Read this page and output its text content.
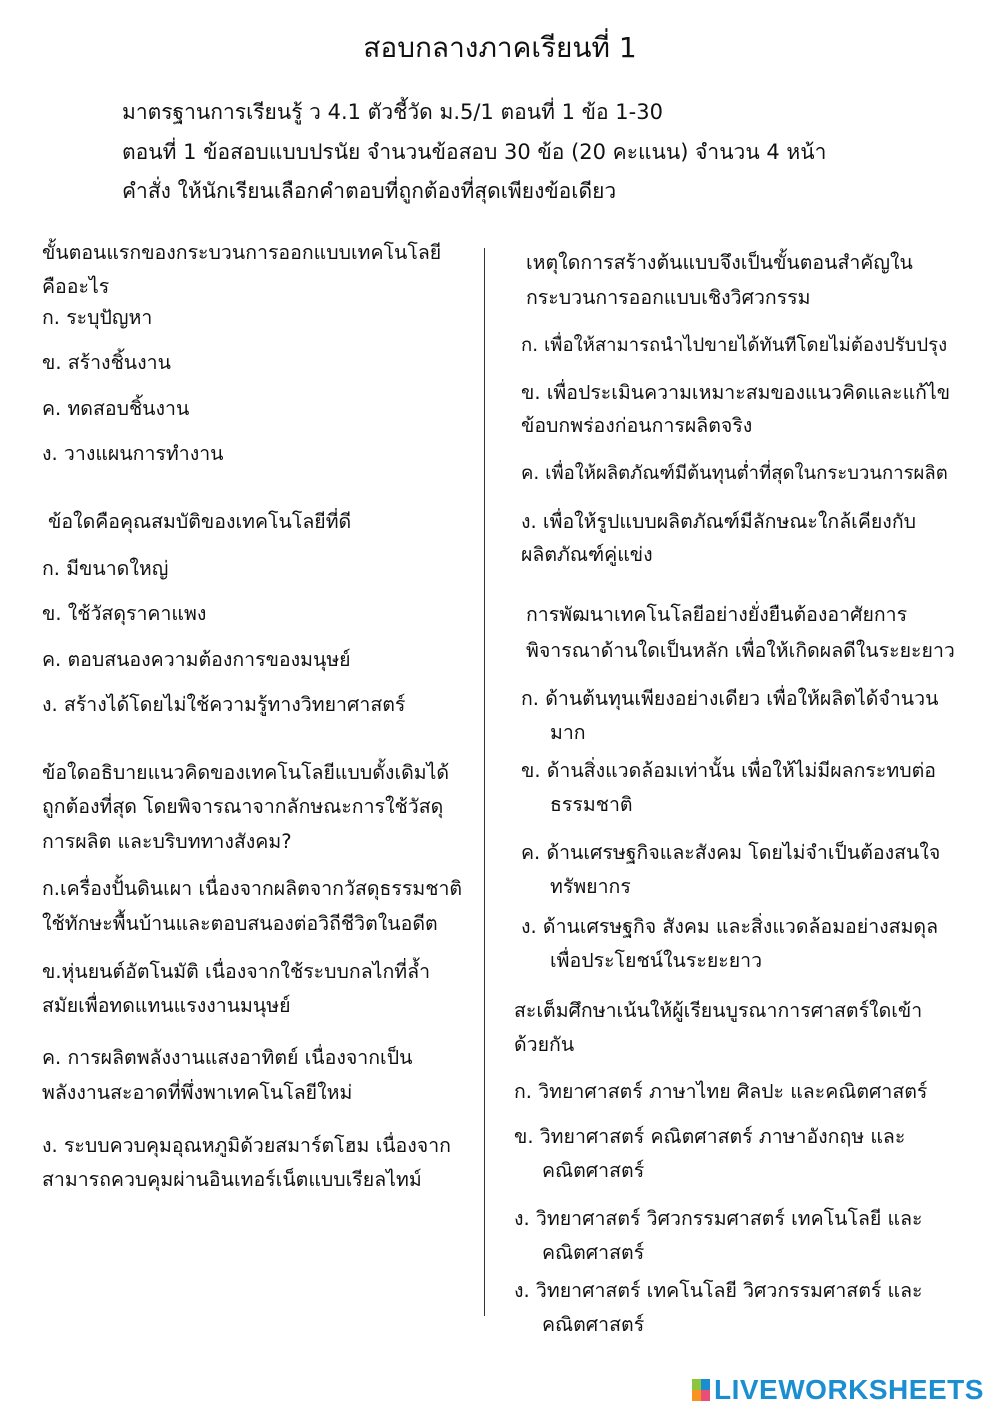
สอบกลางภาคเรียนที่ 1
มาตรฐานการเรียนรู้ ว 4.1 ตัวชี้วัด ม.5/1 ตอนที่ 1 ข้อ 1-30
ตอนที่ 1 ข้อสอบแบบปรนัย จำนวนข้อสอบ 30 ข้อ (20 คะแนน) จำนวน 4 หน้า
คำสั่ง ให้นักเรียนเลือกคำตอบที่ถูกต้องที่สุดเพียงข้อเดียว
ขั้นตอนแรกของกระบวนการออกแบบเทคโนโลยี
คืออะไร
ก. ระบุปัญหา
ข. สร้างชิ้นงาน
ค. ทดสอบชิ้นงาน
ง. วางแผนการทำงาน
ข้อใดคือคุณสมบัติของเทคโนโลยีที่ดี
ก. มีขนาดใหญ่
ข. ใช้วัสดุราคาแพง
ค. ตอบสนองความต้องการของมนุษย์
ง. สร้างได้โดยไม่ใช้ความรู้ทางวิทยาศาสตร์
ข้อใดอธิบายแนวคิดของเทคโนโลยีแบบดั้งเดิมได้
ถูกต้องที่สุด โดยพิจารณาจากลักษณะการใช้วัสดุ
การผลิต และบริบททางสังคม?
ก.เครื่องปั้นดินเผา เนื่องจากผลิตจากวัสดุธรรมชาติ
ใช้ทักษะพื้นบ้านและตอบสนองต่อวิถีชีวิตในอดีต
ข.หุ่นยนต์อัตโนมัติ เนื่องจากใช้ระบบกลไกที่ล้ำ
สมัยเพื่อทดแทนแรงงานมนุษย์
ค. การผลิตพลังงานแสงอาทิตย์ เนื่องจากเป็น
พลังงานสะอาดที่พึ่งพาเทคโนโลยีใหม่
ง. ระบบควบคุมอุณหภูมิด้วยสมาร์ตโฮม เนื่องจาก
สามารถควบคุมผ่านอินเทอร์เน็ตแบบเรียลไทม์
เหตุใดการสร้างต้นแบบจึงเป็นขั้นตอนสำคัญใน
กระบวนการออกแบบเชิงวิศวกรรม
ก. เพื่อให้สามารถนำไปขายได้ทันทีโดยไม่ต้องปรับปรุง
ข. เพื่อประเมินความเหมาะสมของแนวคิดและแก้ไข
ข้อบกพร่องก่อนการผลิตจริง
ค. เพื่อให้ผลิตภัณฑ์มีต้นทุนต่ำที่สุดในกระบวนการผลิต
ง. เพื่อให้รูปแบบผลิตภัณฑ์มีลักษณะใกล้เคียงกับ
ผลิตภัณฑ์คู่แข่ง
การพัฒนาเทคโนโลยีอย่างยั่งยืนต้องอาศัยการ
พิจารณาด้านใดเป็นหลัก เพื่อให้เกิดผลดีในระยะยาว
ก. ด้านต้นทุนเพียงอย่างเดียว เพื่อให้ผลิตได้จำนวน
มาก
ข. ด้านสิ่งแวดล้อมเท่านั้น เพื่อให้ไม่มีผลกระทบต่อ
ธรรมชาติ
ค. ด้านเศรษฐกิจและสังคม โดยไม่จำเป็นต้องสนใจ
ทรัพยากร
ง. ด้านเศรษฐกิจ สังคม และสิ่งแวดล้อมอย่างสมดุล
เพื่อประโยชน์ในระยะยาว
สะเต็มศึกษาเน้นให้ผู้เรียนบูรณาการศาสตร์ใดเข้า
ด้วยกัน
ก. วิทยาศาสตร์ ภาษาไทย ศิลปะ และคณิตศาสตร์
ข. วิทยาศาสตร์ คณิตศาสตร์ ภาษาอังกฤษ และ
คณิตศาสตร์
ง. วิทยาศาสตร์ วิศวกรรมศาสตร์ เทคโนโลยี และ
คณิตศาสตร์
ง. วิทยาศาสตร์ เทคโนโลยี วิศวกรรมศาสตร์ และ
คณิตศาสตร์
LIVEWORKSHEETS
